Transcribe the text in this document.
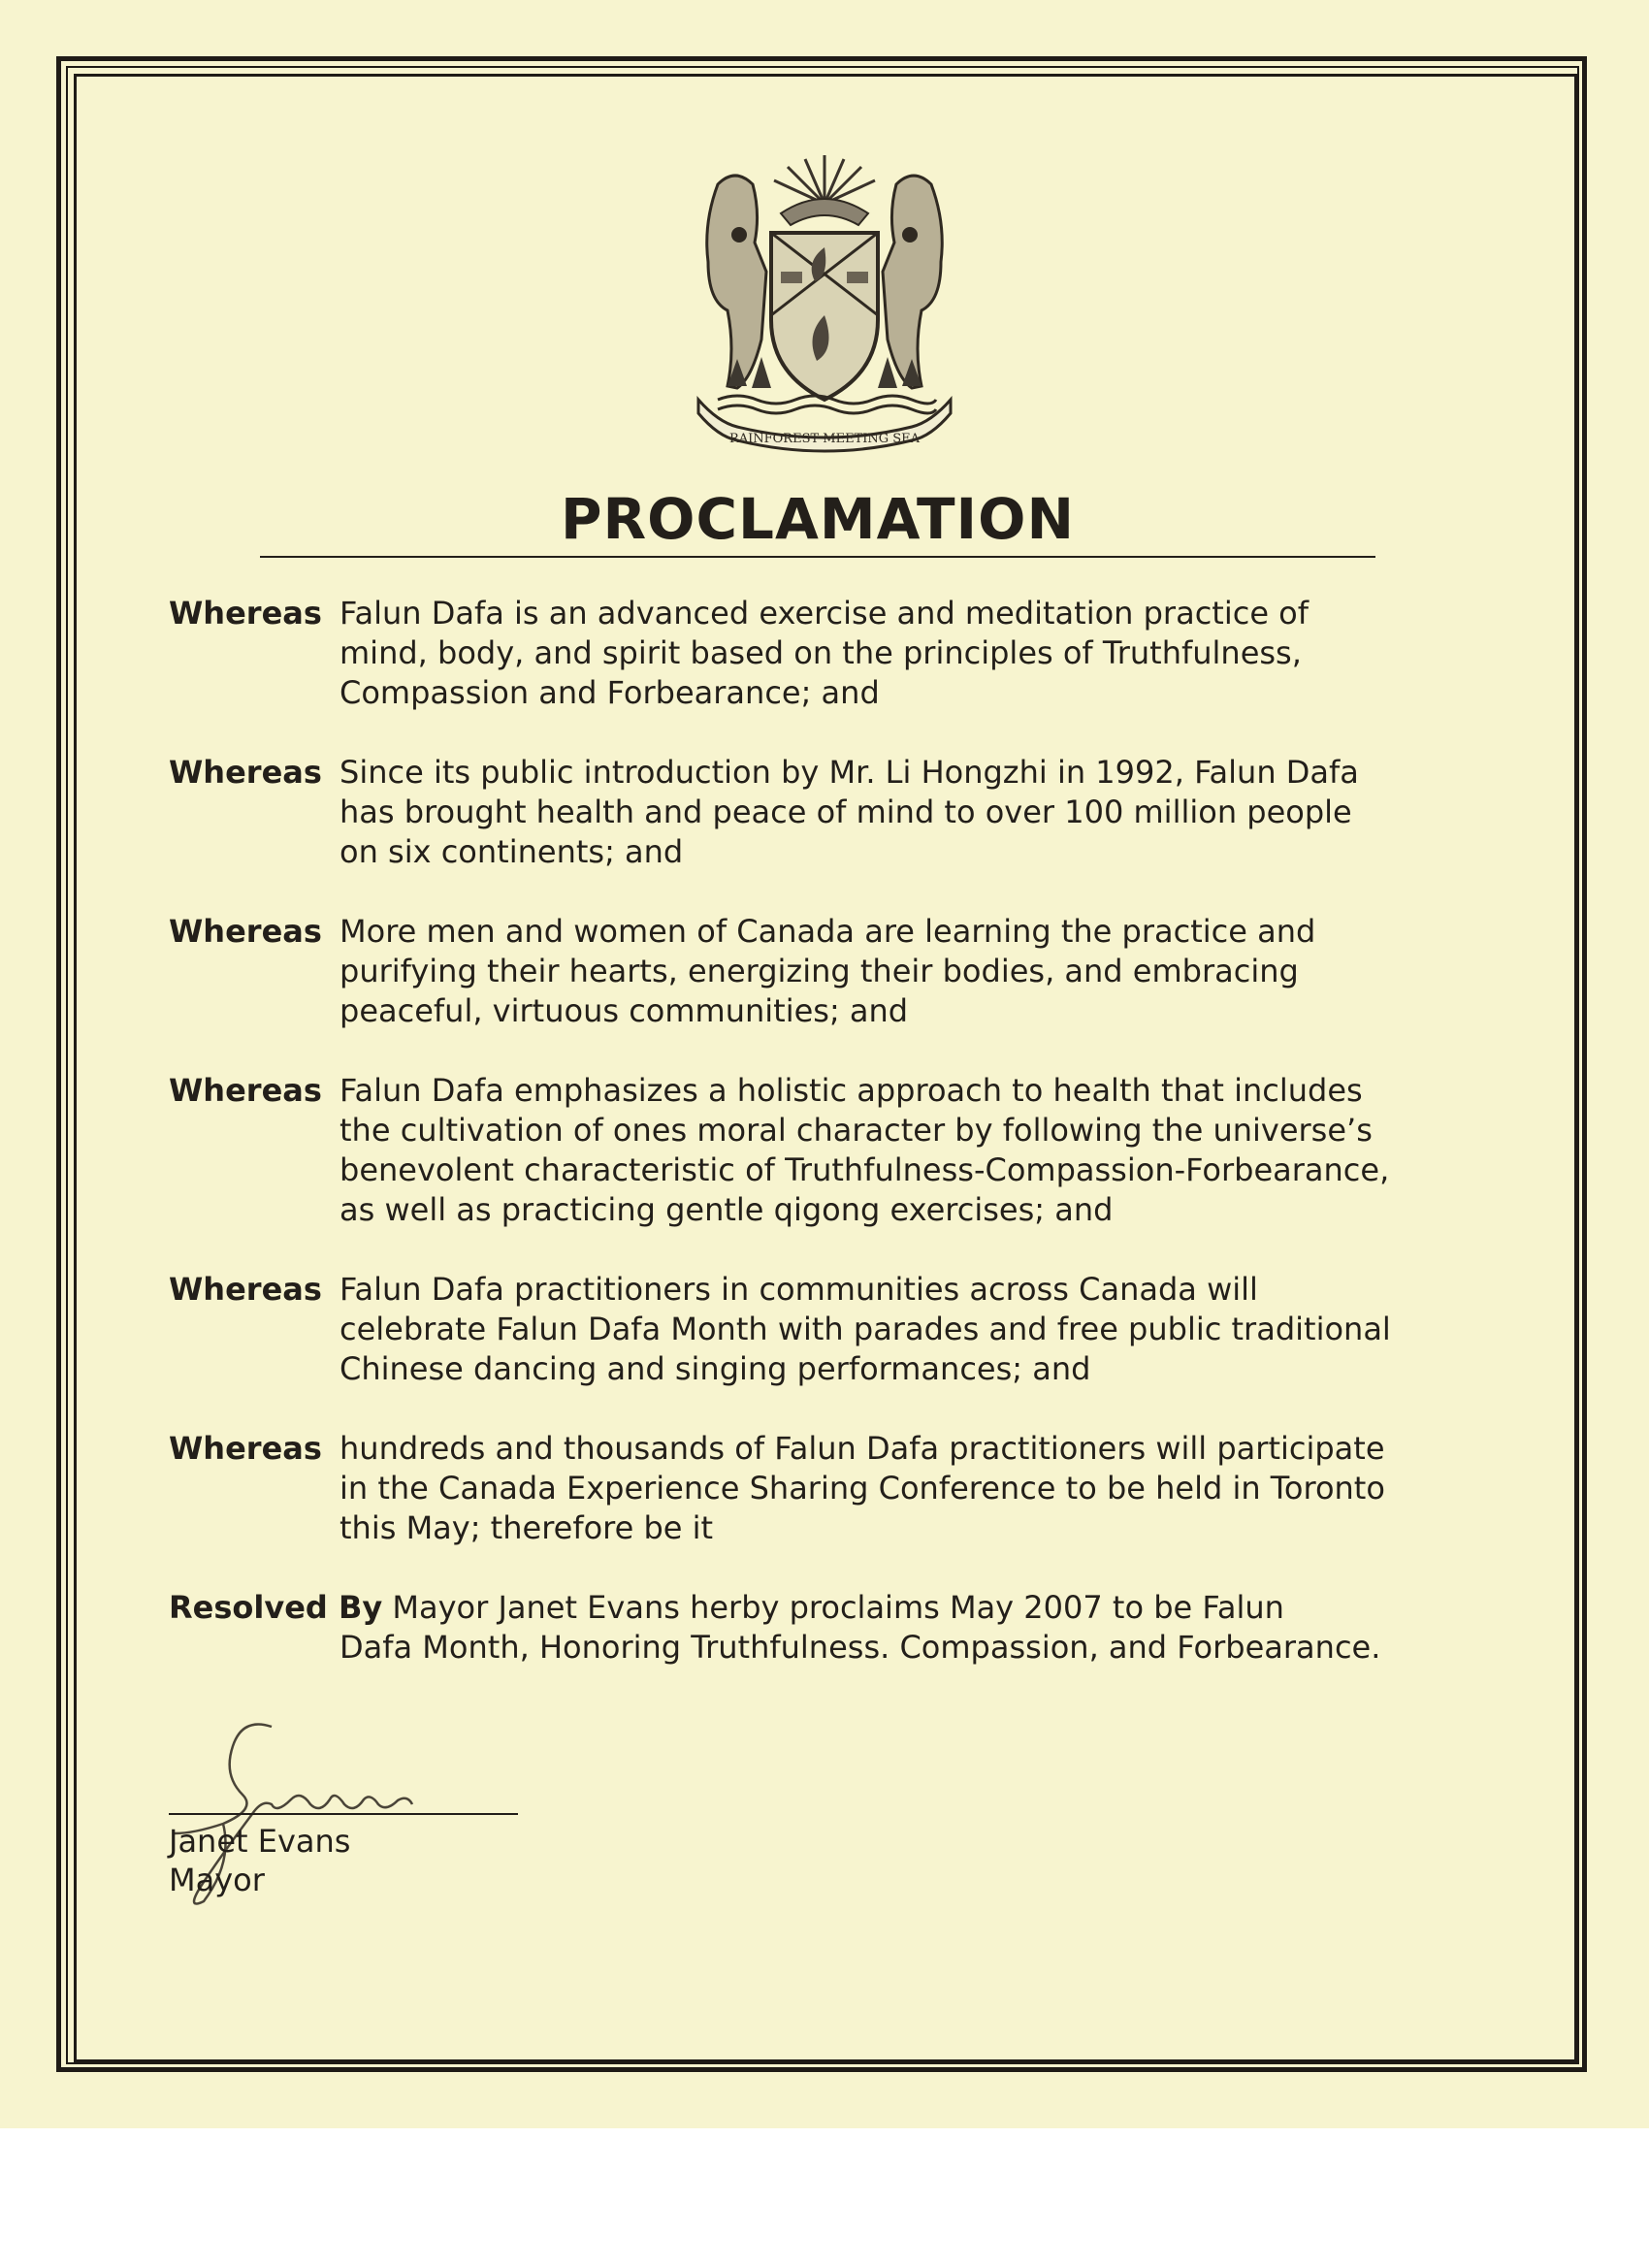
RAINFOREST MEETING SEA
PROCLAMATION
Whereas Falun Dafa is an advanced exercise and meditation practice of mind, body, and spirit based on the principles of Truthfulness, Compassion and Forbearance; and
Whereas Since its public introduction by Mr. Li Hongzhi in 1992, Falun Dafa has brought health and peace of mind to over 100 million people on six continents; and
Whereas More men and women of Canada are learning the practice and purifying their hearts, energizing their bodies, and embracing peaceful, virtuous communities; and
Whereas Falun Dafa emphasizes a holistic approach to health that includes the cultivation of ones moral character by following the universe’s benevolent characteristic of Truthfulness-Compassion-Forbearance, as well as practicing gentle qigong exercises; and
Whereas Falun Dafa practitioners in communities across Canada will celebrate Falun Dafa Month with parades and free public traditional Chinese dancing and singing performances; and
Whereas hundreds and thousands of Falun Dafa practitioners will participate in the Canada Experience Sharing Conference to be held in Toronto this May; therefore be it
Resolved By Mayor Janet Evans herby proclaims May 2007 to be Falun
Dafa Month, Honoring Truthfulness. Compassion, and Forbearance.
Janet Evans
Mayor
